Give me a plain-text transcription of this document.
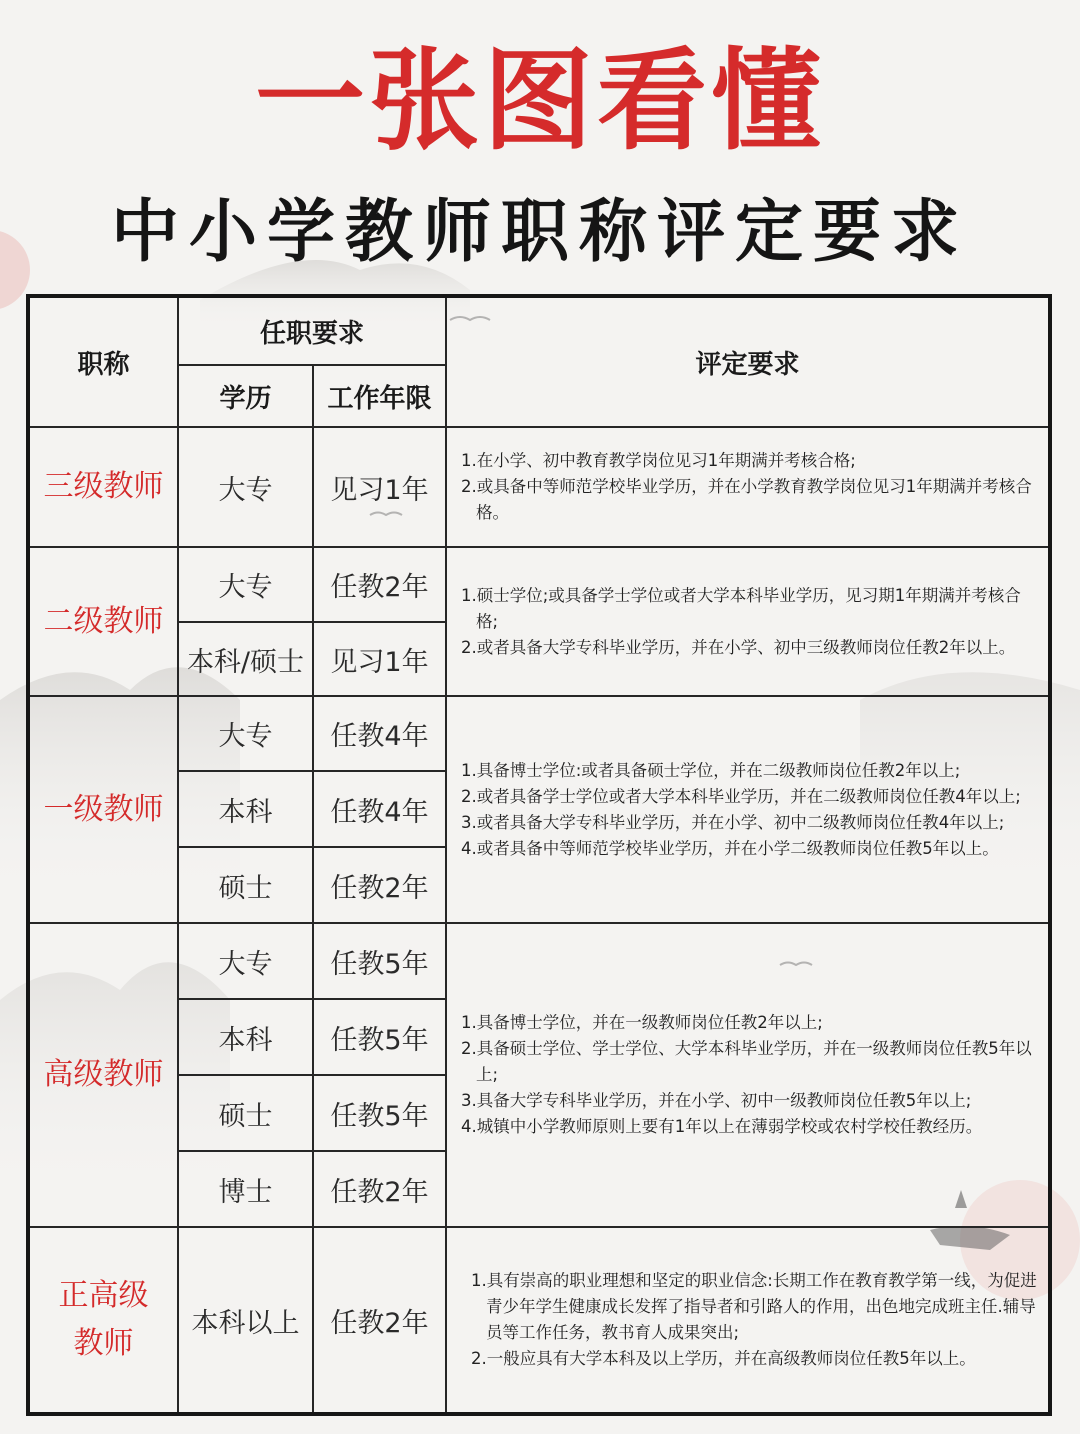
一张图看懂
中小学教师职称评定要求
职称
任职要求
学历	工作年限
评定要求
三级教师	大专	见习1年
1.在小学、初中教育教学岗位见习1年期满并考核合格;
2.或具备中等师范学校毕业学历，并在小学教育教学岗位见习1年期满并考核合格。
二级教师
大专	任教2年
本科/硕士 见习1年
1.硕士学位;或具备学士学位或者大学本科毕业学历，见习期1年期满并考核合格;
2.或者具备大学专科毕业学历，并在小学、初中三级教师岗位任教2年以上。
一级教师
大专	任教4年
本科	任教4年
硕士	任教2年
1.具备博士学位:或者具备硕士学位，并在二级教师岗位任教2年以上;
2.或者具备学士学位或者大学本科毕业学历，并在二级教师岗位任教4年以上;
3.或者具备大学专科毕业学历，并在小学、初中二级教师岗位任教4年以上;
4.或者具备中等师范学校毕业学历，并在小学二级教师岗位任教5年以上。
高级教师
大专	任教5年
本科	任教5年
硕士	任教5年
博士	任教2年
1.具备博士学位，并在一级教师岗位任教2年以上;
2.具备硕士学位、学士学位、大学本科毕业学历，并在一级教师岗位任教5年以上;
3.具备大学专科毕业学历，并在小学、初中一级教师岗位任教5年以上;
4.城镇中小学教师原则上要有1年以上在薄弱学校或农村学校任教经历。
正高级
教师
本科以上	任教2年
1.具有崇高的职业理想和坚定的职业信念:长期工作在教育教学第一线，为促进青少年学生健康成长发挥了指导者和引路人的作用，出色地完成班主任.辅导员等工作任务，教书育人成果突出;
2.一般应具有大学本科及以上学历，并在高级教师岗位任教5年以上。
